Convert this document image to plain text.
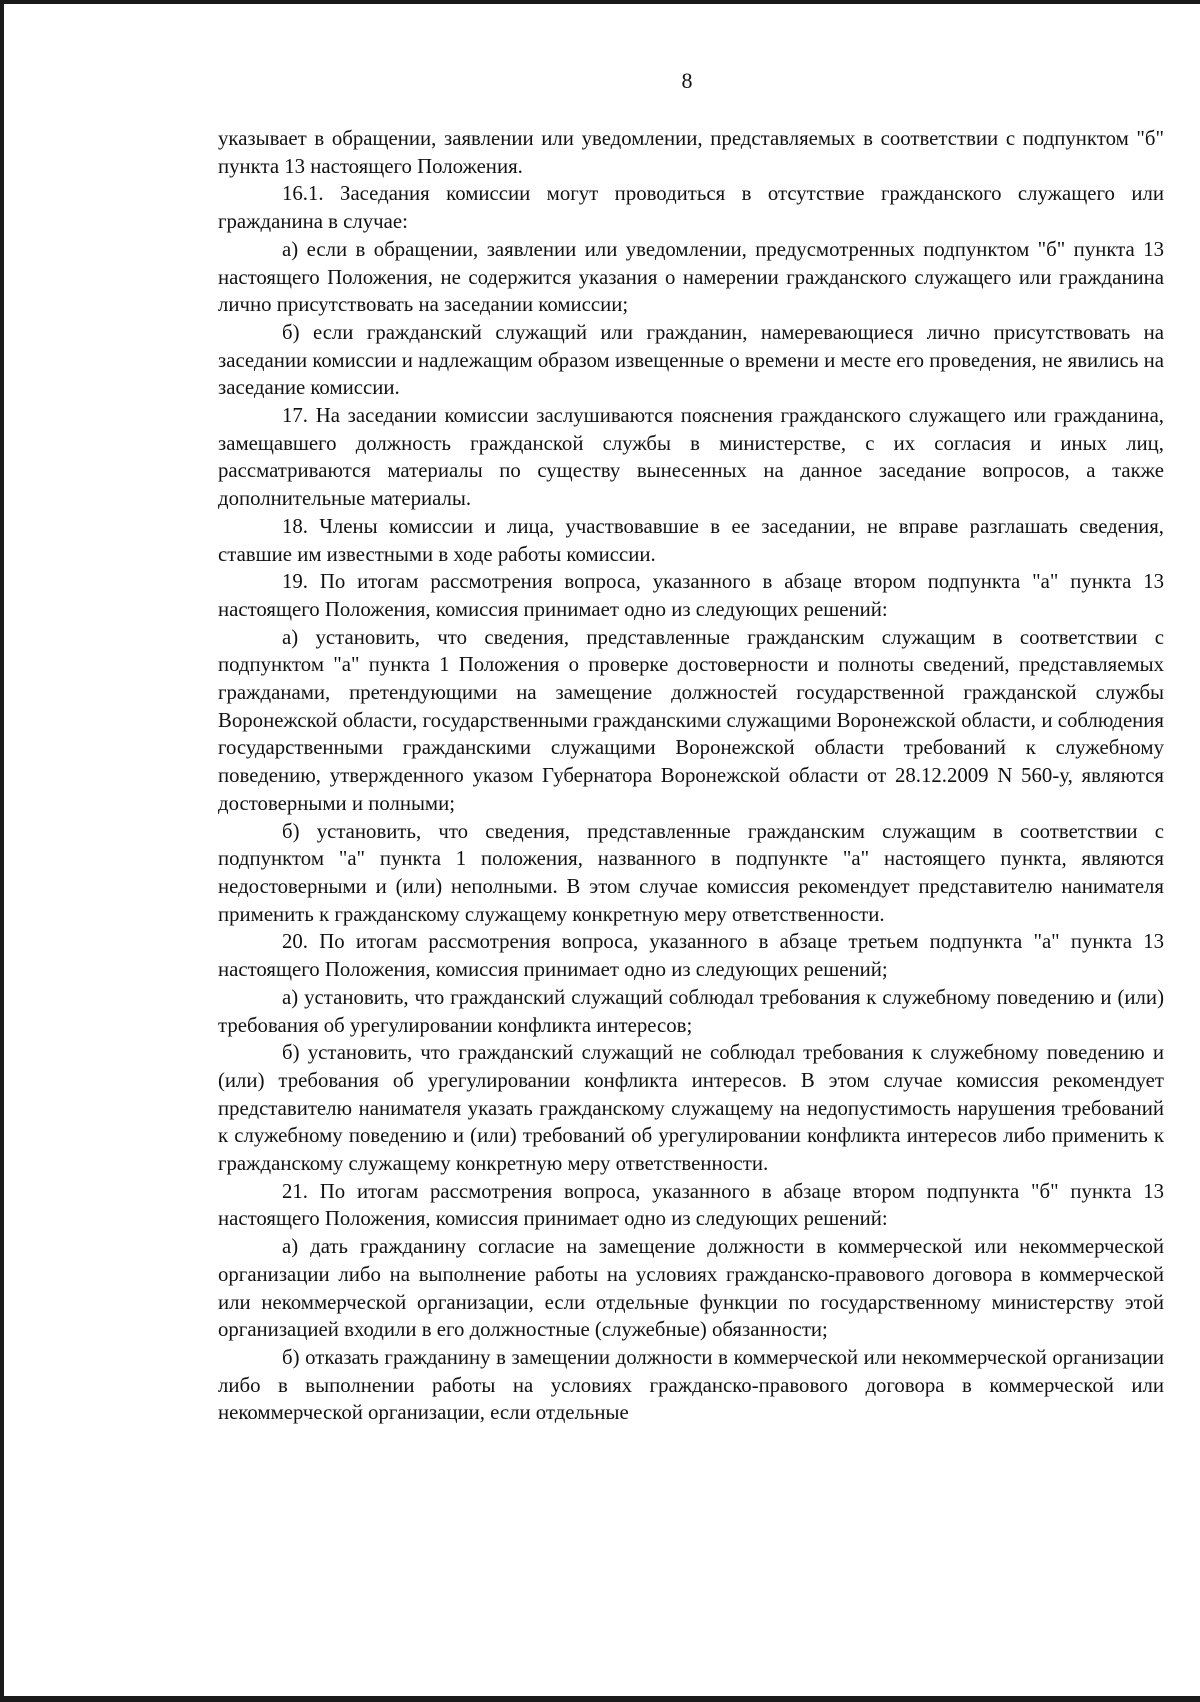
8

указывает в обращении, заявлении или уведомлении, представляемых в соответствии с подпунктом "б" пункта 13 настоящего Положения.

16.1. Заседания комиссии могут проводиться в отсутствие гражданского служащего или гражданина в случае:

а) если в обращении, заявлении или уведомлении, предусмотренных подпунктом "б" пункта 13 настоящего Положения, не содержится указания о намерении гражданского служащего или гражданина лично присутствовать на заседании комиссии;

б) если гражданский служащий или гражданин, намеревающиеся лично присутствовать на заседании комиссии и надлежащим образом извещенные о времени и месте его проведения, не явились на заседание комиссии.

17. На заседании комиссии заслушиваются пояснения гражданского служащего или гражданина, замещавшего должность гражданской службы в министерстве, с их согласия и иных лиц, рассматриваются материалы по существу вынесенных на данное заседание вопросов, а также дополнительные материалы.

18. Члены комиссии и лица, участвовавшие в ее заседании, не вправе разглашать сведения, ставшие им известными в ходе работы комиссии.

19. По итогам рассмотрения вопроса, указанного в абзаце втором подпункта "а" пункта 13 настоящего Положения, комиссия принимает одно из следующих решений:

а) установить, что сведения, представленные гражданским служащим в соответствии с подпунктом "а" пункта 1 Положения о проверке достоверности и полноты сведений, представляемых гражданами, претендующими на замещение должностей государственной гражданской службы Воронежской области, государственными гражданскими служащими Воронежской области, и соблюдения государственными гражданскими служащими Воронежской области требований к служебному поведению, утвержденного указом Губернатора Воронежской области от 28.12.2009 N 560-у, являются достоверными и полными;

б) установить, что сведения, представленные гражданским служащим в соответствии с подпунктом "а" пункта 1 положения, названного в подпункте "а" настоящего пункта, являются недостоверными и (или) неполными. В этом случае комиссия рекомендует представителю нанимателя применить к гражданскому служащему конкретную меру ответственности.

20. По итогам рассмотрения вопроса, указанного в абзаце третьем подпункта "а" пункта 13 настоящего Положения, комиссия принимает одно из следующих решений;

а) установить, что гражданский служащий соблюдал требования к служебному поведению и (или) требования об урегулировании конфликта интересов;

б) установить, что гражданский служащий не соблюдал требования к служебному поведению и (или) требования об урегулировании конфликта интересов. В этом случае комиссия рекомендует представителю нанимателя указать гражданскому служащему на недопустимость нарушения требований к служебному поведению и (или) требований об урегулировании конфликта интересов либо применить к гражданскому служащему конкретную меру ответственности.

21. По итогам рассмотрения вопроса, указанного в абзаце втором подпункта "б" пункта 13 настоящего Положения, комиссия принимает одно из следующих решений:

а) дать гражданину согласие на замещение должности в коммерческой или некоммерческой организации либо на выполнение работы на условиях гражданско-правового договора в коммерческой или некоммерческой организации, если отдельные функции по государственному министерству этой организацией входили в его должностные (служебные) обязанности;

б) отказать гражданину в замещении должности в коммерческой или некоммерческой организации либо в выполнении работы на условиях гражданско-правового договора в коммерческой или некоммерческой организации, если отдельные
